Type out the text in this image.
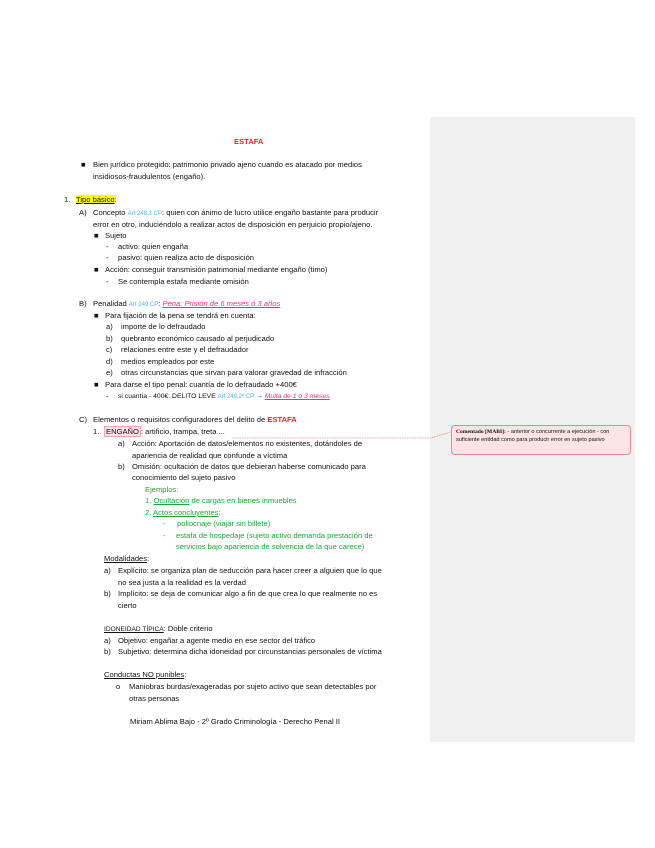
Comentado [MABI]: - anterior o concurrente a ejecución - con suficiente entidad como para producir error en sujeto pasivo
ESTAFA
■ Bien jurídico protegido: patrimonio privado ajeno cuando es atacado por medios
insidiosos-fraudulentos (engaño).
1. Tipo básico:
A) Concepto Art 248.1 CP: quien con ánimo de lucro utilice engaño bastante para producir
error en otro, induciéndolo a realizar actos de disposición en perjuicio propio/ajeno.
■ Sujeto
- activo: quien engaña
- pasivo: quien realiza acto de disposición
■ Acción: conseguir transmisión patrimonial mediante engaño (timo)
- Se contempla estafa mediante omisión
B) Penalidad Art 249 CP: Pena: Prisión de 6 meses ó 3 años
■ Para fijación de la pena se tendrá en cuenta:
a) importe de lo defraudado
b) quebranto económico causado al perjudicado
c) relaciones entre este y el defraudador
d) medios empleados por este
e) otras circunstancias que sirvan para valorar gravedad de infracción
■ Para darse el tipo penal: cuantía de lo defraudado +400€
- si cuantía - 400€: DELITO LEVE Art 249.2º CP → Multa de 1 ó 3 meses
C) Elementos o requisitos configuradores del delito de ESTAFA
1. ENGAÑO : artificio, trampa, treta ...
a) Acción: Aportación de datos/elementos no existentes, dotándoles de
apariencia de realidad que confunde a víctima
b) Omisión: ocultación de datos que debieran haberse comunicado para
conocimiento del sujeto pasivo
Ejemplos:
1. Ocultación de cargas en bienes inmuebles
2. Actos concluyentes:
- poliocnaje (viajar sin billete)
- estafa de hospedaje (sujeto activo demanda prestación de
servicios bajo apariencia de solvencia de la que carece)
Modalidades:
a) Explícito: se organiza plan de seducción para hacer creer a alguien que lo que
no sea justa a la realidad es la verdad
b) Implícito: se deja de comunicar algo a fin de que crea lo que realmente no es
cierto
IDONEIDAD TÍPICA: Doble criterio
a) Objetivo: engañar a agente medio en ese sector del tráfico
b) Subjetivo: determina dicha idoneidad por circunstancias personales de víctima
Conductas NO punibles:
o Maniobras burdas/exageradas por sujeto activo que sean detectables por
otras personas
Miriam Ablima Bajo - 2º Grado Criminología - Derecho Penal II
